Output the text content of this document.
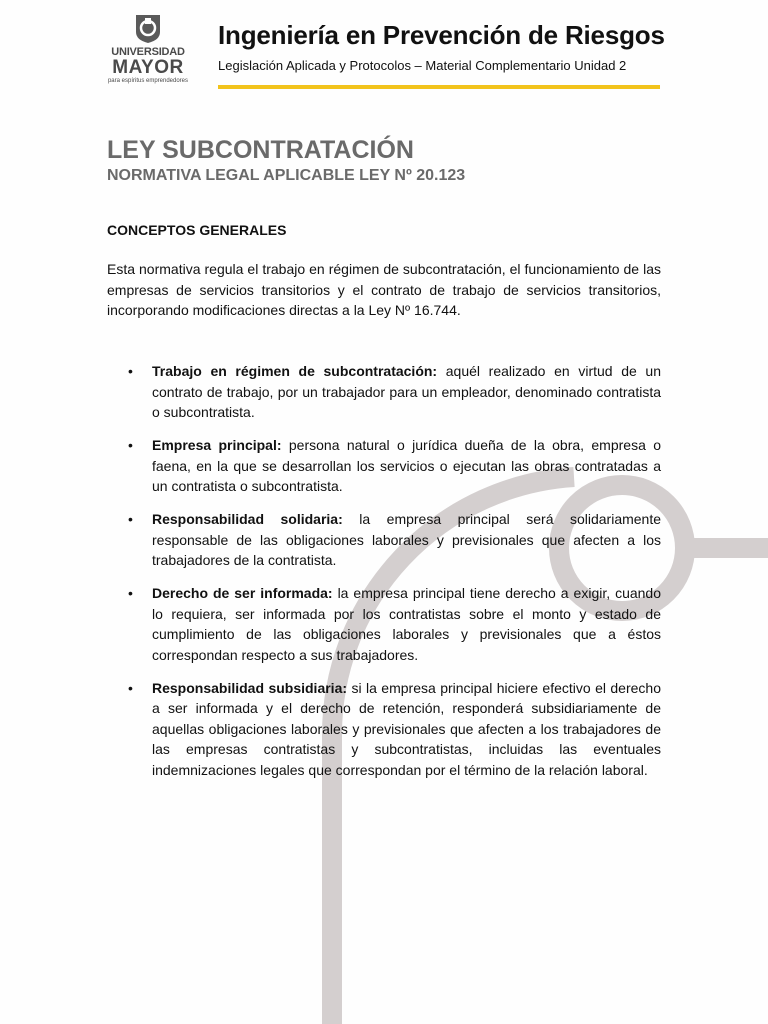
UNIVERSIDAD
MAYOR
para espíritus emprendedores
Ingeniería en Prevención de Riesgos
Legislación Aplicada y Protocolos – Material Complementario Unidad 2
LEY SUBCONTRATACIÓN
NORMATIVA LEGAL APLICABLE LEY Nº 20.123
CONCEPTOS GENERALES

Esta normativa regula el trabajo en régimen de subcontratación, el funcionamiento de las empresas de servicios transitorios y el contrato de trabajo de servicios transitorios, incorporando modificaciones directas a la Ley Nº 16.744.

• Trabajo en régimen de subcontratación: aquél realizado en virtud de un contrato de trabajo, por un trabajador para un empleador, denominado contratista o subcontratista.
• Empresa principal: persona natural o jurídica dueña de la obra, empresa o faena, en la que se desarrollan los servicios o ejecutan las obras contratadas a un contratista o subcontratista.
• Responsabilidad solidaria: la empresa principal será solidariamente responsable de las obligaciones laborales y previsionales que afecten a los trabajadores de la contratista.
• Derecho de ser informada: la empresa principal tiene derecho a exigir, cuando lo requiera, ser informada por los contratistas sobre el monto y estado de cumplimiento de las obligaciones laborales y previsionales que a éstos correspondan respecto a sus trabajadores.
• Responsabilidad subsidiaria: si la empresa principal hiciere efectivo el derecho a ser informada y el derecho de retención, responderá subsidiariamente de aquellas obligaciones laborales y previsionales que afecten a los trabajadores de las empresas contratistas y subcontratistas, incluidas las eventuales indemnizaciones legales que correspondan por el término de la relación laboral.
